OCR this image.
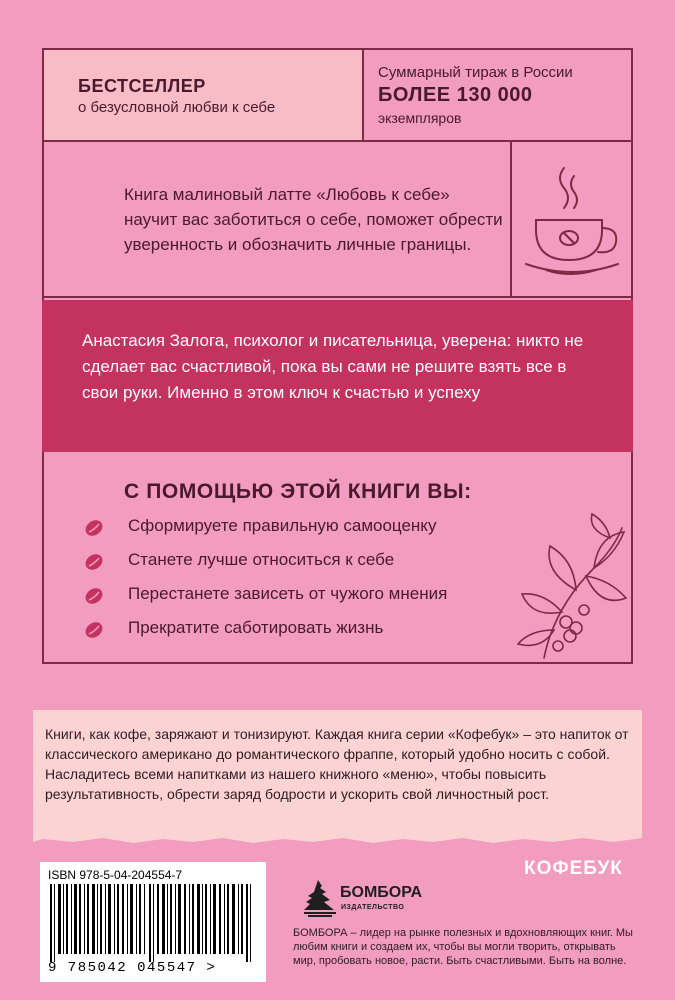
БЕСТСЕЛЛЕР
о безусловной любви к себе
Суммарный тираж в России
БОЛЕЕ 130 000
экземпляров
Книга малиновый латте «Любовь к себе» научит вас заботиться о себе, поможет обрести уверенность и обозначить личные границы.
Анастасия Залога, психолог и писательница, уверена: никто не сделает вас счастливой, пока вы сами не решите взять все в свои руки. Именно в этом ключ к счастью и успеху
С ПОМОЩЬЮ ЭТОЙ КНИГИ ВЫ:
Сформируете правильную самооценку
Станете лучше относиться к себе
Перестанете зависеть от чужого мнения
Прекратите саботировать жизнь
Книги, как кофе, заряжают и тонизируют. Каждая книга серии «Кофебук» – это напиток от классического американо до романтического фраппе, который удобно носить с собой.
Насладитесь всеми напитками из нашего книжного «меню», чтобы повысить результативность, обрести заряд бодрости и ускорить свой личностный рост.
КОФЕБУК
ISBN 978-5-04-204554-7
9 785042 045547 >
БОМБОРА
ИЗДАТЕЛЬСТВО
БОМБОРА – лидер на рынке полезных и вдохновляющих книг. Мы любим книги и создаем их, чтобы вы могли творить, открывать мир, пробовать новое, расти. Быть счастливыми. Быть на волне.
